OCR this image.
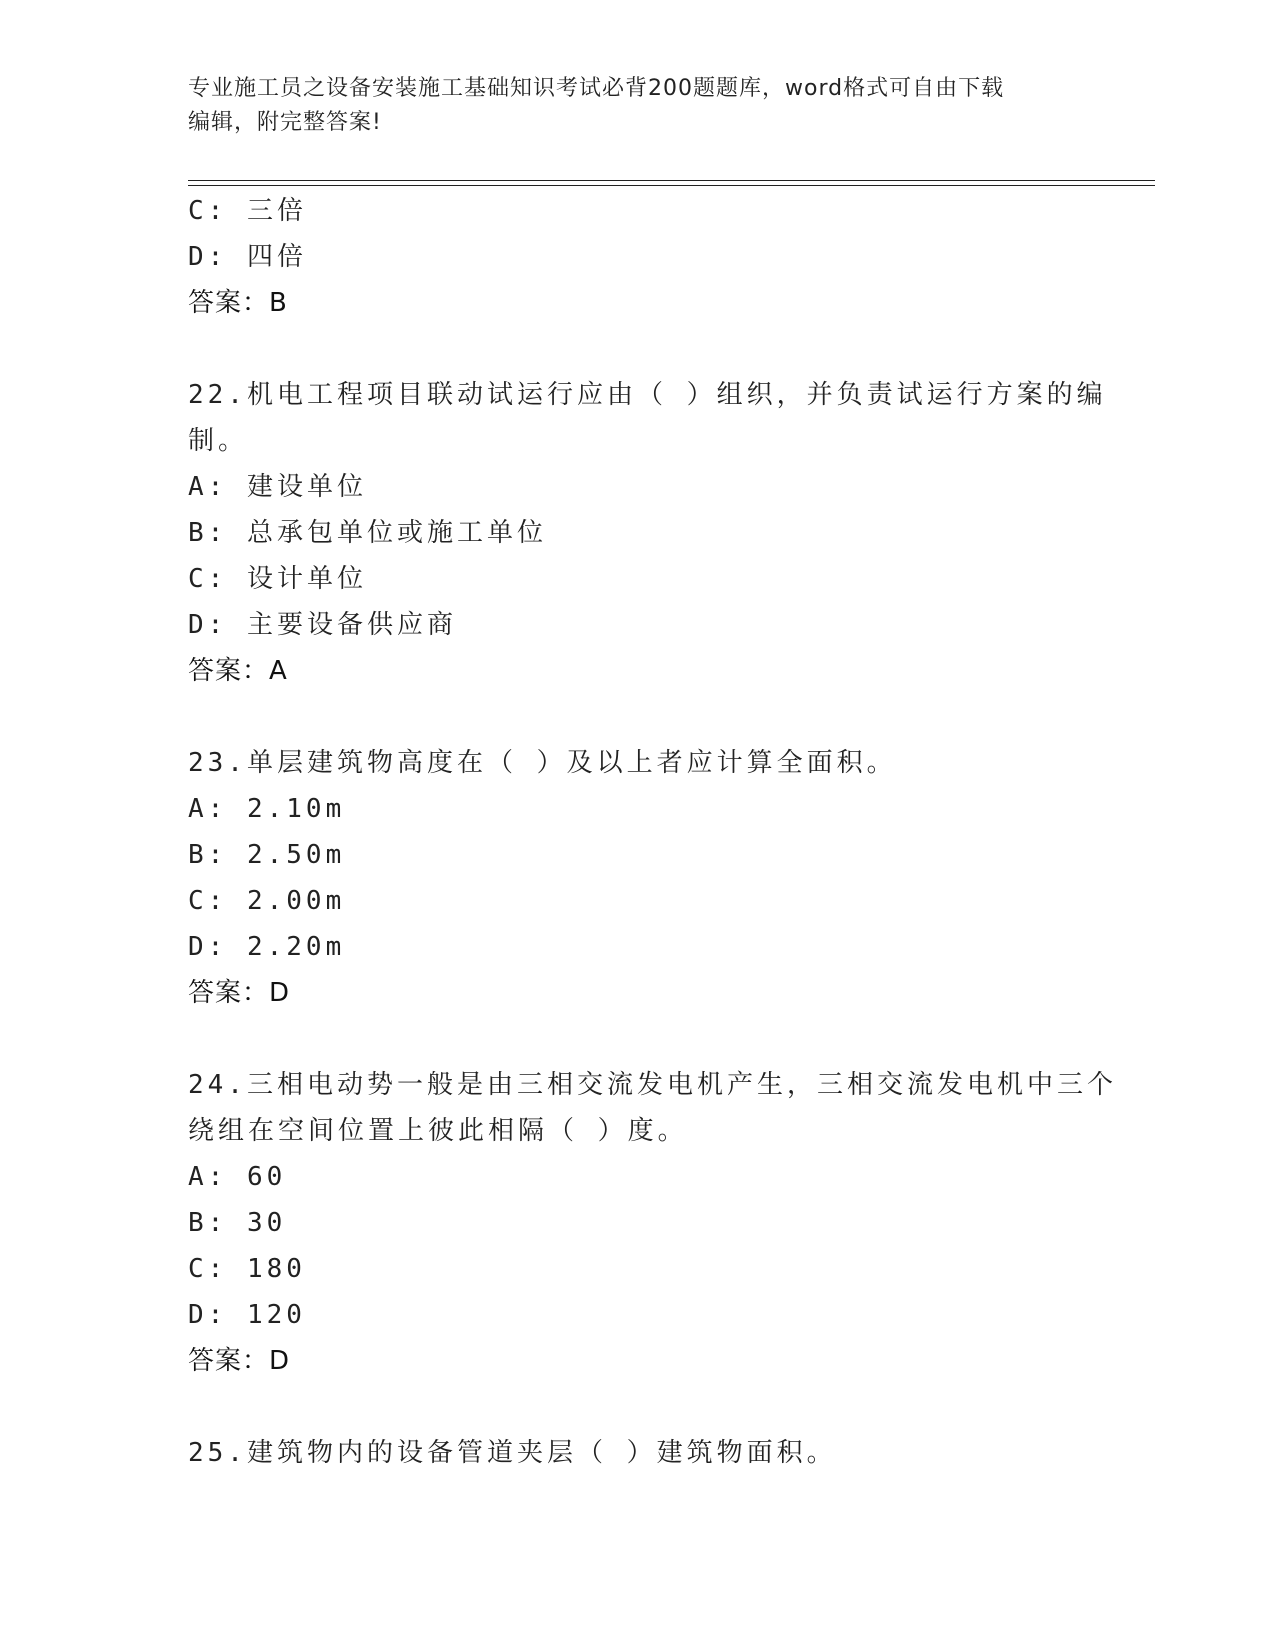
专业施工员之设备安装施工基础知识考试必背200题题库，word格式可自由下载
编辑，附完整答案!
C: 三倍
D: 四倍
答案：B
22.机电工程项目联动试运行应由（ ）组织，并负责试运行方案的编
制。
A: 建设单位
B: 总承包单位或施工单位
C: 设计单位
D: 主要设备供应商
答案：A
23.单层建筑物高度在（ ）及以上者应计算全面积。
A: 2.10m
B: 2.50m
C: 2.00m
D: 2.20m
答案：D
24.三相电动势一般是由三相交流发电机产生，三相交流发电机中三个
绕组在空间位置上彼此相隔（ ）度。
A: 60
B: 30
C: 180
D: 120
答案：D
25.建筑物内的设备管道夹层（ ）建筑物面积。
